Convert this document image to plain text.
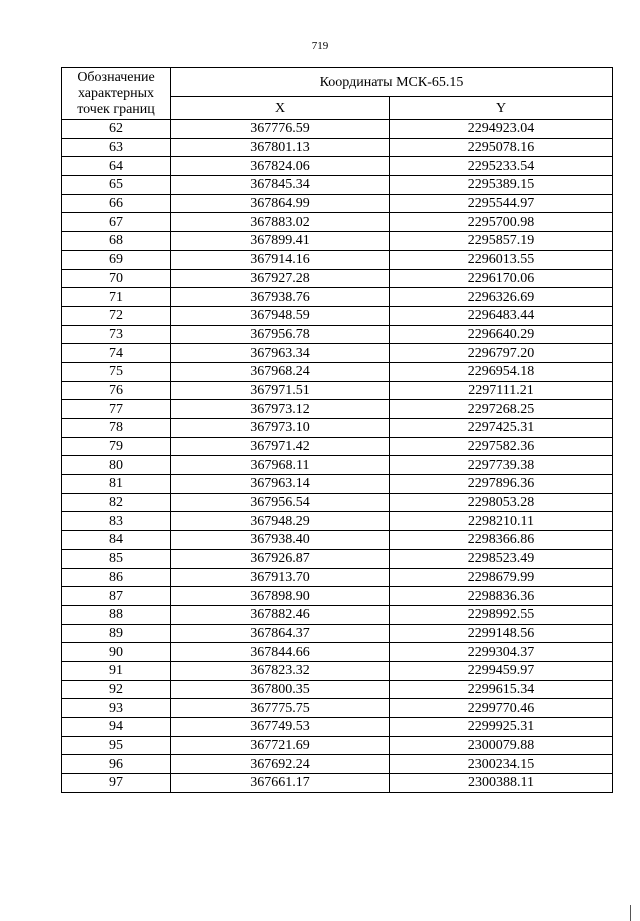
719
Обозначение характерных точек границ	Координаты МСК-65.15	
	X	Y
62	367776.59	2294923.04
63	367801.13	2295078.16
64	367824.06	2295233.54
65	367845.34	2295389.15
66	367864.99	2295544.97
67	367883.02	2295700.98
68	367899.41	2295857.19
69	367914.16	2296013.55
70	367927.28	2296170.06
71	367938.76	2296326.69
72	367948.59	2296483.44
73	367956.78	2296640.29
74	367963.34	2296797.20
75	367968.24	2296954.18
76	367971.51	2297111.21
77	367973.12	2297268.25
78	367973.10	2297425.31
79	367971.42	2297582.36
80	367968.11	2297739.38
81	367963.14	2297896.36
82	367956.54	2298053.28
83	367948.29	2298210.11
84	367938.40	2298366.86
85	367926.87	2298523.49
86	367913.70	2298679.99
87	367898.90	2298836.36
88	367882.46	2298992.55
89	367864.37	2299148.56
90	367844.66	2299304.37
91	367823.32	2299459.97
92	367800.35	2299615.34
93	367775.75	2299770.46
94	367749.53	2299925.31
95	367721.69	2300079.88
96	367692.24	2300234.15
97	367661.17	2300388.11
